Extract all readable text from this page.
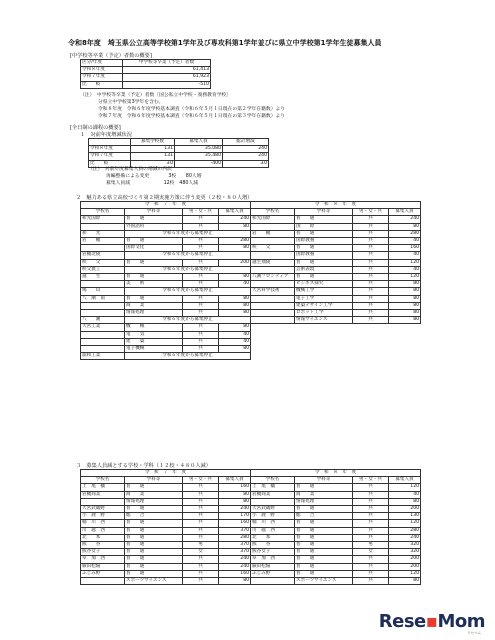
令和8年度　埼玉県公立高等学校第1学年及び専攻科第1学年並びに県立中学校第1学年生徒募集人員
[中学校等卒業（予定）者数の概要]
区分/年度	中学校等卒業（予定）者数
令和８年度	61,413
令和７年度	61,923
比　　較	-510
（注）　中学校等卒業（予定）者数［国公私立中学校・義務教育学校］
分県立中学校第3学年を含む。
令和８年度　令和６年度学校基本調査（令和６年５月１日現在の第２学年在籍数）より
令和７年度　令和６年度学校基本調査（令和６年５月１日現在の第３学年在籍数）より
[全日制の課程の概要]
１　対前年度増減状況
	募集学校数	募集人員	総計増減
令和８年度	131	35,080	240
令和７年度	131	35,480	240
比　　較	±0	-400	±0
（注）　対前年度募集人員の増減の内訳
再編整備による変更　　　　3校　　80人増
募集人員減　　　　　　　12校　480人減
２　魅力ある県立高校づくり第２期実施方策に伴う変更（２校・８０人増）
令　和　７　年　度			
学校名	学科等	男・女・共	募集人員
和光国際	普　　通	共	240
	外国語科	共	80
和　　光	令和６年度から募集停止		
岩　　槻	普　　通	共	280
	国際文化	共	80
岩槻北陵	令和６年度から募集停止		
秩　　父	普　　通	共	200
秩父農工	令和６年度から募集停止		
越　　生	普　　通	共	80
	美　　術	共	40
鳩　　山	令和６年度から募集停止		
八　潮　南	普　　通	共	80
	商　　業	共	80
	情報処理	共	80
八　　潮	令和６年度から募集停止		
大宮工業	機　　械	共	80
	電　　気	共	40
	建　　築	共	40
	電子機械	共	80
浦和工業	令和６年度から募集停止		
令　和　８　年　度			
学校名	学科等	男・女・共	募集人員
和光国際	普　　通	共	240
	国　　際	共	80
岩　　槻	普　　通	共	280
	国際教養	共	40
秩　　父	普　　通	共	160
	国際教養	共	40
越生翔陵	普　　通	共	120
	芸術表現	共	40
八潮フロンティア	普　　通	共	120
	ビジネス探究	共	80
大宮科学技術	機械工学	共	80
	電子工学	共	80
	建築デザイン工学	共	80
	ロボット工学	共	80
	情報サイエンス	共	80
３　募集人員減とする学校・学科（１２校・４８０人減）
令　和　７　年　度			
学校名	学科等	男・女・共	募集人員
上　尾　橘	普　　通	共	160
岩槻商業	商　　業	共	80
	情報処理	共	80
大宮武蔵野	普　　通	共	240
小　鹿　野	総　　合	共	170
桶　川　西	普　　通	共	160
川　越　西	普　　通	共	370
北　　本	普　　通	共	280
熊　　谷	普　　通	男	370
熊谷女子	普　　通	女	370
草　加　西	普　　通	共	240
蕨田松陽	普　　通	共	240
ふじみ野	普　　通	共	160
	スポーツサイエンス	共	80
令　和　８　年　度			
学校名	学科等	男・女・共	募集人員
上　尾　橘	普　　通	共	120
岩槻商業	商　　業	共	40
	情報処理	共	80
大宮武蔵野	普　　通	共	200
小　鹿　野	総　　合	共	130
桶　川　西	普　　通	共	120
川　越　西	普　　通	共	280
北　　本	普　　通	共	240
熊　　谷	普　　通	男	320
熊谷女子	普　　通	女	320
草　加　西	普　　通	共	200
蕨田松陽	普　　通	共	200
ふじみ野	普　　通	共	120
	スポーツサイエンス	共	80
Rese▪Mom
リセマム
